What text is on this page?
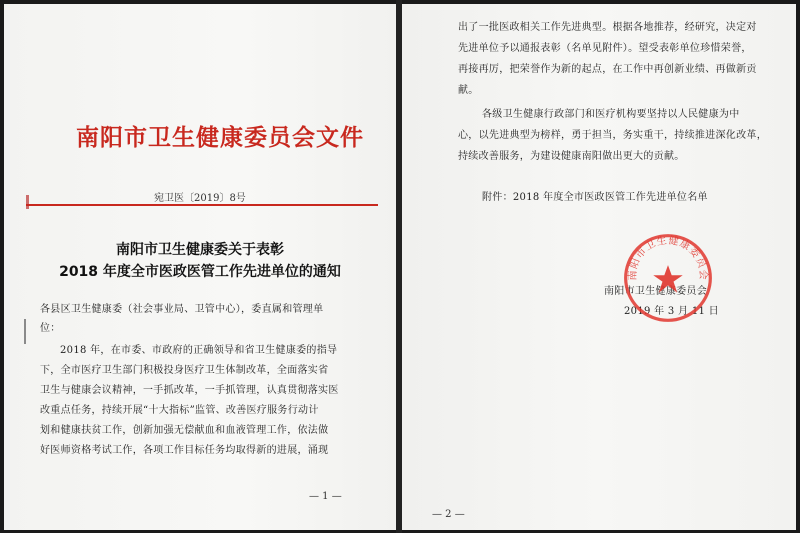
南阳市卫生健康委员会文件
宛卫医〔2019〕8号
南阳市卫生健康委关于表彰
2018 年度全市医政医管工作先进单位的通知
各县区卫生健康委（社会事业局、卫管中心），委直属和管理单
位：
2018 年，在市委、市政府的正确领导和省卫生健康委的指导
下，全市医疗卫生部门积极投身医疗卫生体制改革，全面落实省
卫生与健康会议精神，一手抓改革，一手抓管理，认真贯彻落实医
改重点任务，持续开展“十大指标”监管、改善医疗服务行动计
划和健康扶贫工作，创新加强无偿献血和血液管理工作，依法做
好医师资格考试工作，各项工作目标任务均取得新的进展，涌现
— 1 —
出了一批医政相关工作先进典型。根据各地推荐，经研究，决定对
先进单位予以通报表彰（名单见附件）。望受表彰单位珍惜荣誉，
再接再厉，把荣誉作为新的起点，在工作中再创新业绩、再做新贡
献。
各级卫生健康行政部门和医疗机构要坚持以人民健康为中
心，以先进典型为榜样，勇于担当，务实重干，持续推进深化改革，
持续改善服务，为建设健康南阳做出更大的贡献。
附件：2018 年度全市医政医管工作先进单位名单
南阳市卫生健康委员会
2019 年 3 月 11 日
— 2 —
南阳市卫生健康委员会
